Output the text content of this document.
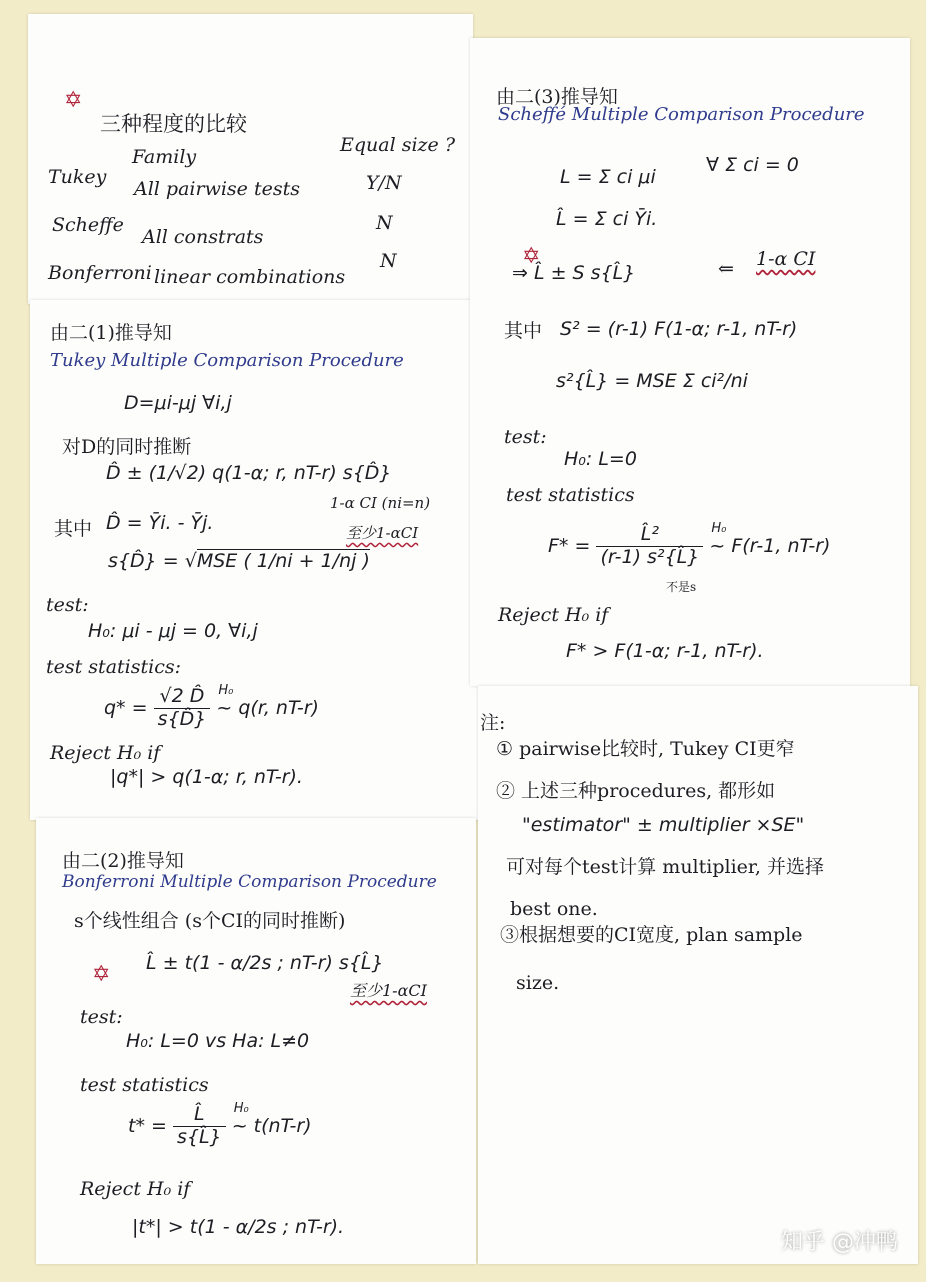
✡
三种程度的比较
Family
Equal size ?
Tukey
All pairwise tests	Y/N
Scheffe
All constrats
N
Bonferroni linear combinations
N
由二(1)推导知
Tukey Multiple Comparison Procedure
D=μi-μj ∀i,j
对D的同时推断
D̂ ± (1/√2) q(1-α; r, nT-r) s{D̂}
1-α CI (ni=n)
至少1-αCI
其中 D̂ = Ȳi. - Ȳj.
s{D̂} = √MSE ( 1/ni + 1/nj )
test:
H₀: μi - μj = 0, ∀i,j
test statistics:
$q* = \frac{√2 D̂}{s\{D̂\}}$
H₀
~ q(r, nT-r)
Reject H₀ if
|q*| > q(1-α; r, nT-r).
由二(2)推导知
Bonferroni Multiple Comparison Procedure
s个线性组合 (s个CI的同时推断)
✡ L̂ ± t(1 - α/2s ; nT-r) s{L̂}
至少1-αCI
test:
H₀: L=0 vs Ha: L≠0
test statistics
$t* = \frac{L̂}{s\{L̂\}}$
H₀
~ t(nT-r)
Reject H₀ if
|t*| > t(1 - α/2s ; nT-r).
由二(3)推导知
Scheffé Multiple Comparison Procedure
L = Σ ci μi
∀ Σ ci = 0
L̂ = Σ ci Ȳi.
✡
⇒ L̂ ± S s{L̂}	⇐ 1-α CI
其中 S² = (r-1) F(1-α; r-1, nT-r)
s²{L̂} = MSE Σ ci²/ni
test:
H₀: L=0
test statistics
$F* = \frac{\text{L̂²}}{\text{(r-1) s²\{L̂\}}}$
H₀
~ F(r-1, nT-r)
不是s
Reject H₀ if
F* > F(1-α; r-1, nT-r).
注:
① pairwise比较时, Tukey CI更窄
② 上述三种procedures, 都形如
"estimator" ± multiplier ×SE"
可对每个test计算 multiplier, 并选择
best one.
③根据想要的CI宽度, plan sample
size.
知乎 @冲鸭
